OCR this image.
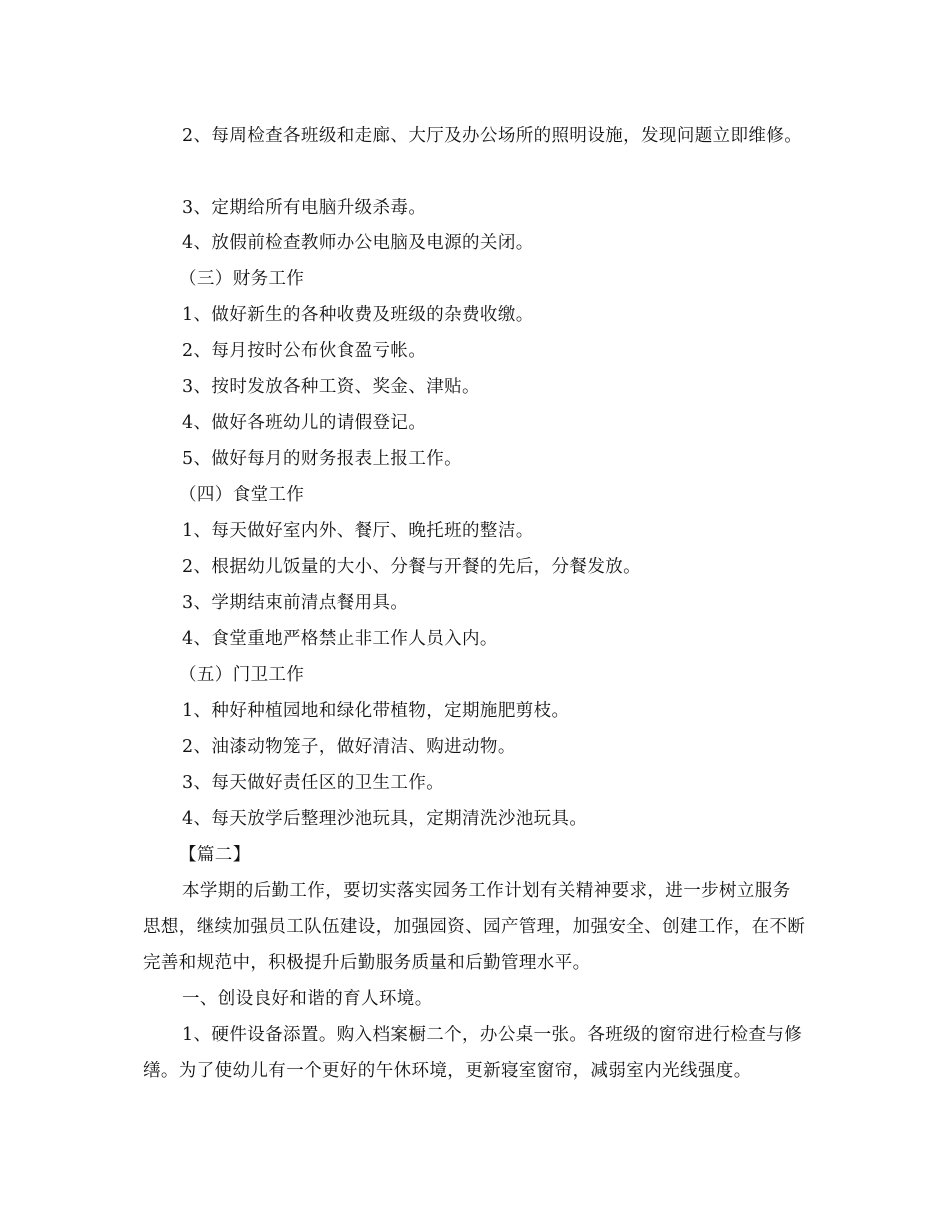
2、每周检查各班级和走廊、大厅及办公场所的照明设施，发现问题立即维修。

3、定期给所有电脑升级杀毒。

4、放假前检查教师办公电脑及电源的关闭。

（三）财务工作

1、做好新生的各种收费及班级的杂费收缴。

2、每月按时公布伙食盈亏帐。

3、按时发放各种工资、奖金、津贴。

4、做好各班幼儿的请假登记。

5、做好每月的财务报表上报工作。

（四）食堂工作

1、每天做好室内外、餐厅、晚托班的整洁。

2、根据幼儿饭量的大小、分餐与开餐的先后，分餐发放。

3、学期结束前清点餐用具。

4、食堂重地严格禁止非工作人员入内。

（五）门卫工作

1、种好种植园地和绿化带植物，定期施肥剪枝。

2、油漆动物笼子，做好清洁、购进动物。

3、每天做好责任区的卫生工作。

4、每天放学后整理沙池玩具，定期清洗沙池玩具。

【篇二】

本学期的后勤工作，要切实落实园务工作计划有关精神要求，进一步树立服务思想，继续加强员工队伍建设，加强园资、园产管理，加强安全、创建工作，在不断完善和规范中，积极提升后勤服务质量和后勤管理水平。

一、创设良好和谐的育人环境。

1、硬件设备添置。购入档案橱二个，办公桌一张。各班级的窗帘进行检查与修缮。为了使幼儿有一个更好的午休环境，更新寝室窗帘，减弱室内光线强度。
